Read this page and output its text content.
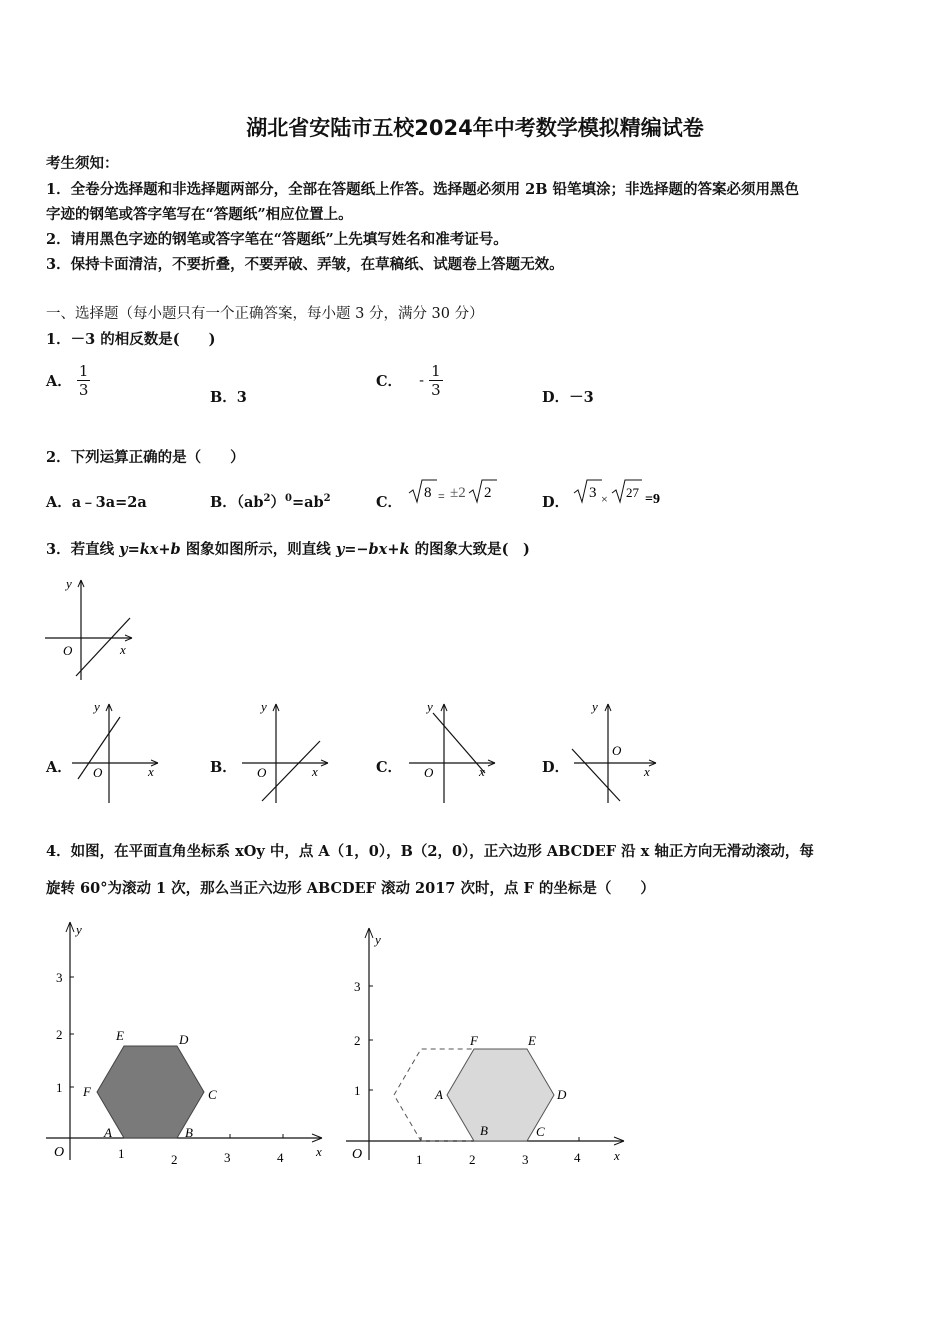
湖北省安陆市五校2024年中考数学模拟精编试卷
考生须知：
1．全卷分选择题和非选择题两部分，全部在答题纸上作答。选择题必须用 2B 铅笔填涂；非选择题的答案必须用黑色
字迹的钢笔或答字笔写在“答题纸”相应位置上。
2．请用黑色字迹的钢笔或答字笔在“答题纸”上先填写姓名和准考证号。
3．保持卡面清洁，不要折叠，不要弄破、弄皱，在草稿纸、试题卷上答题无效。
一、选择题（每小题只有一个正确答案，每小题 3 分，满分 30 分）
1．－3 的相反数是(　　)
A． $\frac{1}{3}$	B．3
C． - $\frac{1}{3}$	D．－3
2．下列运算正确的是（　　）
A．a﹣3a=2a	B．$(ab^2)^0=ab^2$	C．
8 = ±2 2
D．
3 × 27 =9
3．若直线 y=kx+b 图象如图所示，则直线 y=−bx+k 的图象大致是(　)
y
x
O
A．	B．	C．	D．
y
x
O
y
x
O
y
x
O
y
x
O
4．如图，在平面直角坐标系 xOy 中，点 A（1，0），B（2，0），正六边形 ABCDEF 沿 x 轴正方向无滑动滚动，每
旋转 60°为滚动 1 次，那么当正六边形 ABCDEF 滚动 2017 次时，点 F 的坐标是（　　）
1	2	3	4
1
2
3
O	x
y
A	B
C
D
E
F
1	2	3	4
1
2
3
O	x
y
A
B	C
D
E
F
